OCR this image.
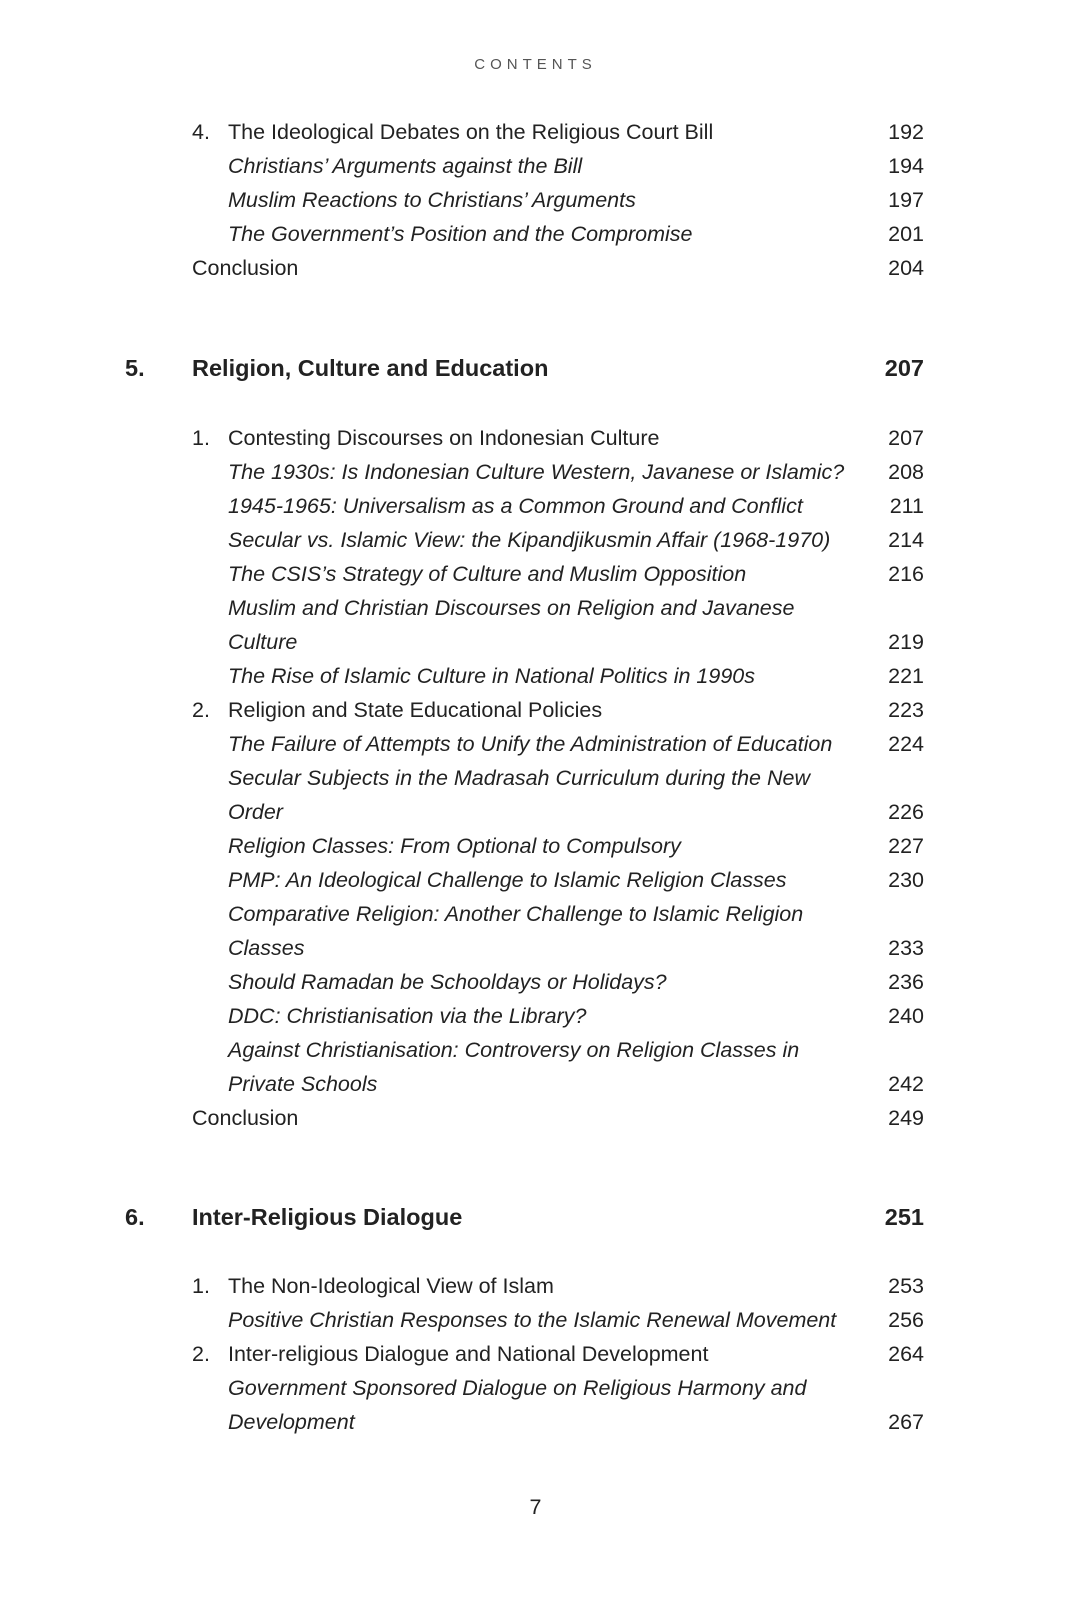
CONTENTS
4. The Ideological Debates on the Religious Court Bill	192
Christians’ Arguments against the Bill	194
Muslim Reactions to Christians’ Arguments	197
The Government’s Position and the Compromise	201
Conclusion	204
5. Religion, Culture and Education	207
1. Contesting Discourses on Indonesian Culture	207
The 1930s: Is Indonesian Culture Western, Javanese or Islamic?	208
1945-1965: Universalism as a Common Ground and Conflict	211
Secular vs. Islamic View: the Kipandjikusmin Affair (1968-1970)	214
The CSIS’s Strategy of Culture and Muslim Opposition	216
Muslim and Christian Discourses on Religion and Javanese
Culture	219
The Rise of Islamic Culture in National Politics in 1990s	221
2. Religion and State Educational Policies	223
The Failure of Attempts to Unify the Administration of Education	224
Secular Subjects in the Madrasah Curriculum during the New
Order	226
Religion Classes: From Optional to Compulsory	227
PMP: An Ideological Challenge to Islamic Religion Classes	230
Comparative Religion: Another Challenge to Islamic Religion
Classes	233
Should Ramadan be Schooldays or Holidays?	236
DDC: Christianisation via the Library?	240
Against Christianisation: Controversy on Religion Classes in
Private Schools	242
Conclusion	249
6. Inter-Religious Dialogue	251
1. The Non-Ideological View of Islam	253
Positive Christian Responses to the Islamic Renewal Movement	256
2. Inter-religious Dialogue and National Development	264
Government Sponsored Dialogue on Religious Harmony and
Development	267
7
